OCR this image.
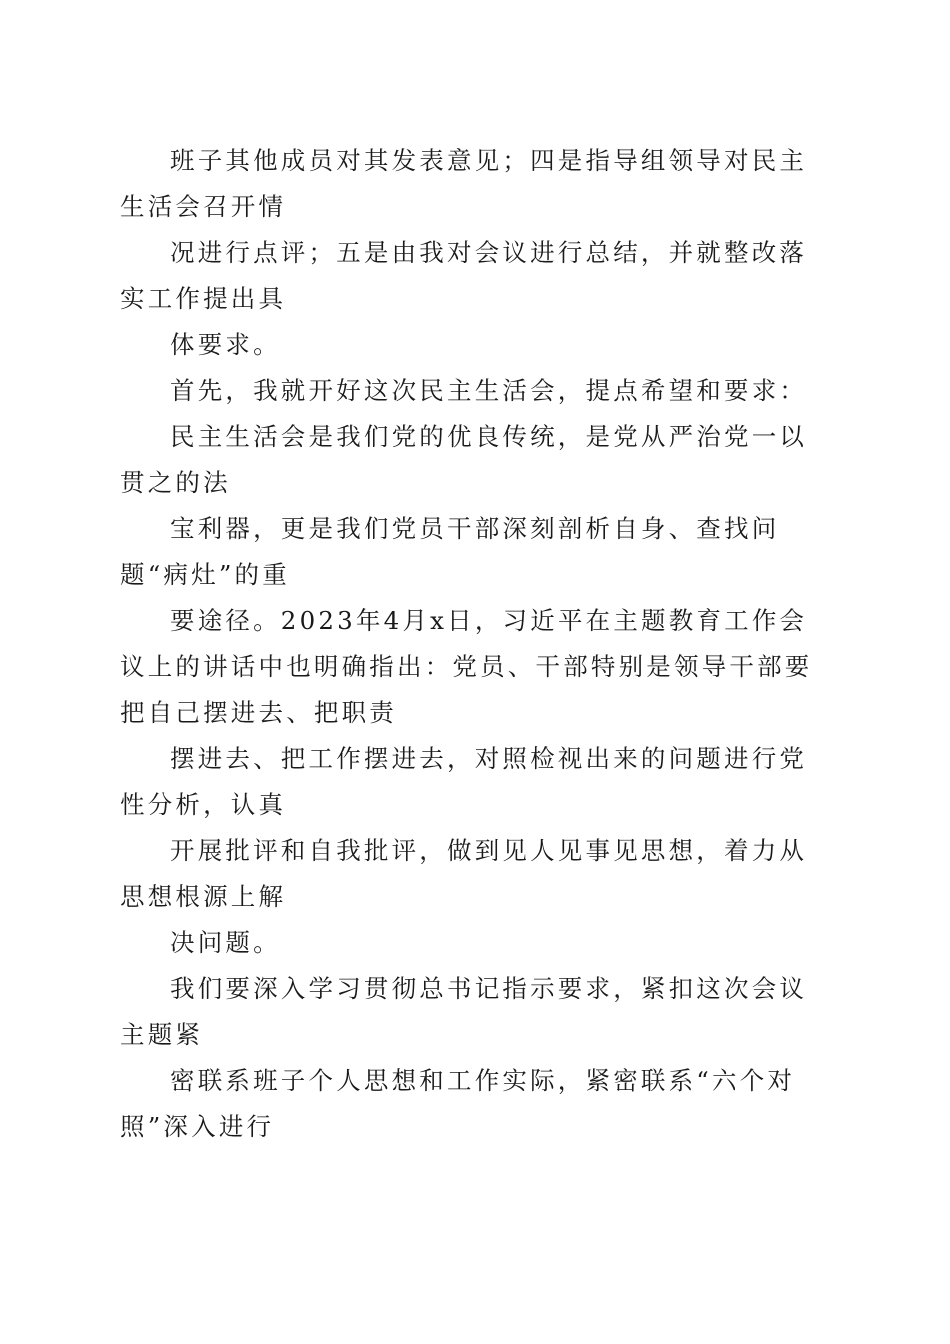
班子其他成员对其发表意见；四是指导组领导对民主生活会召开情

况进行点评；五是由我对会议进行总结，并就整改落实工作提出具

体要求。

首先，我就开好这次民主生活会，提点希望和要求：

民主生活会是我们党的优良传统，是党从严治党一以贯之的法

宝利器，更是我们党员干部深刻剖析自身、查找问题“病灶”的重

要途径。2023年4月x日，习近平在主题教育工作会议上的讲话中也明确指出：党员、干部特别是领导干部要把自己摆进去、把职责

摆进去、把工作摆进去，对照检视出来的问题进行党性分析，认真

开展批评和自我批评，做到见人见事见思想，着力从思想根源上解

决问题。

我们要深入学习贯彻总书记指示要求，紧扣这次会议主题紧

密联系班子个人思想和工作实际，紧密联系“六个对照”深入进行
